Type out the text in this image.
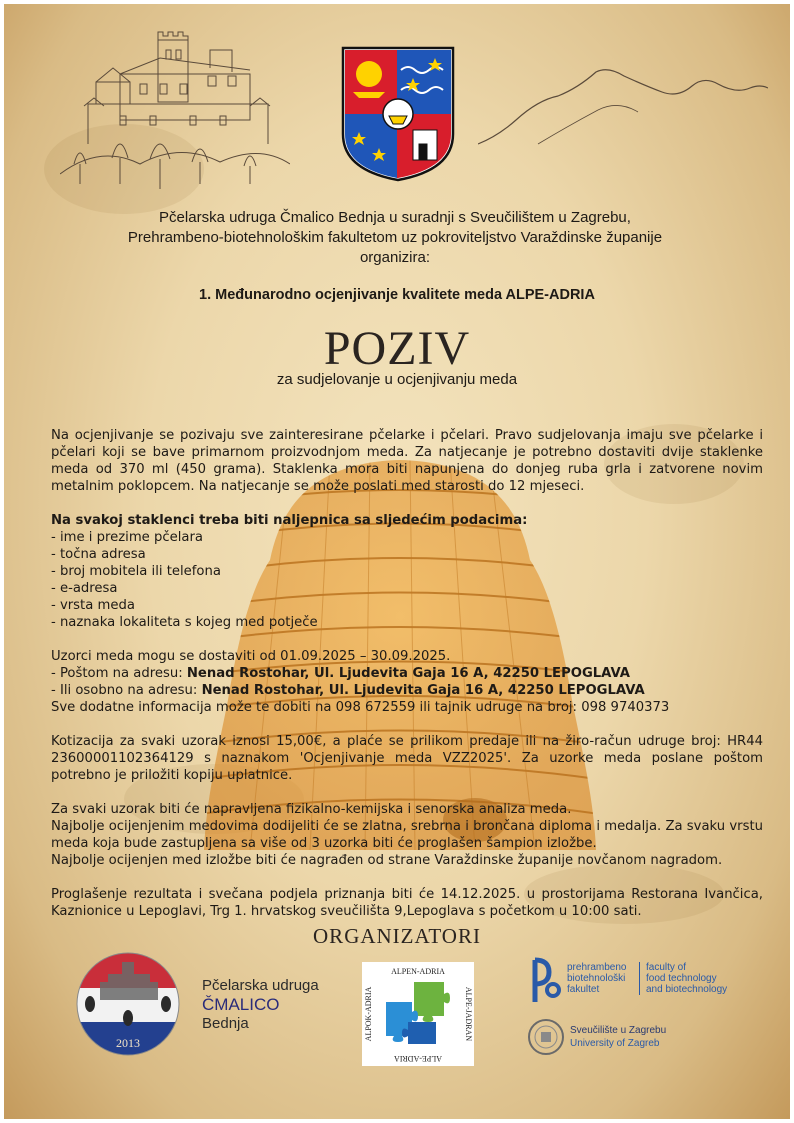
Pčelarska udruga Čmalico Bednja u suradnji s Sveučilištem u Zagrebu,
Prehrambeno-biotehnološkim fakultetom uz pokroviteljstvo Varaždinske županije
organizira:
1. Međunarodno ocjenjivanje kvalitete meda ALPE-ADRIA
POZIV
za sudjelovanje u ocjenjivanju meda

Na ocjenjivanje se pozivaju sve zainteresirane pčelarke i pčelari. Pravo sudjelovanja imaju sve pčelarke i pčelari koji se bave primarnom proizvodnjom meda. Za natjecanje je potrebno dostaviti dvije staklenke meda od 370 ml (450 grama). Staklenka mora biti napunjena do donjeg ruba grla i zatvorene novim metalnim poklopcem. Na natjecanje se može poslati med starosti do 12 mjeseci.

Na svakoj staklenci treba biti naljepnica sa sljedećim podacima:
- ime i prezime pčelara
- točna adresa
- broj mobitela ili telefona
- e-adresa
- vrsta meda
- naznaka lokaliteta s kojeg med potječe
Uzorci meda mogu se dostaviti od 01.09.2025 – 30.09.2025.
- Poštom na adresu: Nenad Rostohar, Ul. Ljudevita Gaja 16 A, 42250 LEPOGLAVA
- Ili osobno na adresu: Nenad Rostohar, Ul. Ljudevita Gaja 16 A, 42250 LEPOGLAVA
Sve dodatne informacija može te dobiti na 098 672559 ili tajnik udruge na broj: 098 9740373

Kotizacija za svaki uzorak iznosi 15,00€, a plaće se prilikom predaje ili na žiro-račun udruge broj: HR44 23600001102364129 s naznakom 'Ocjenjivanje meda VZZ2025'. Za uzorke meda poslane poštom potrebno je priložiti kopiju uplatnice.

Za svaki uzorak biti će napravljena fizikalno-kemijska i senorska analiza meda.
Najbolje ocijenjenim medovima dodijeliti će se zlatna, srebrna i brončana diploma i medalja. Za svaku vrstu meda koja bude zastupljena sa više od 3 uzorka biti će proglašen šampion izložbe.
Najbolje ocijenjen med izložbe biti će nagrađen od strane Varaždinske županije novčanom nagradom.

Proglašenje rezultata i svečana podjela priznanja biti će 14.12.2025. u prostorijama Restorana Ivančica, Kaznionice u Lepoglavi, Trg 1. hrvatskog sveučilišta 9,Lepoglava s početkom u 10:00 sati.

ORGANIZATORI
2013
Pčelarska udruga
ČMALICO
Bednja
ALPEN-ADRIA
ALPE-ADRIA
ALPE-JADRAN
ALPOK-ADRIA
prehrambeno
biotehnološki
fakultet
faculty of
food technology
and biotechnology
Sveučilište u Zagrebu
University of Zagreb
